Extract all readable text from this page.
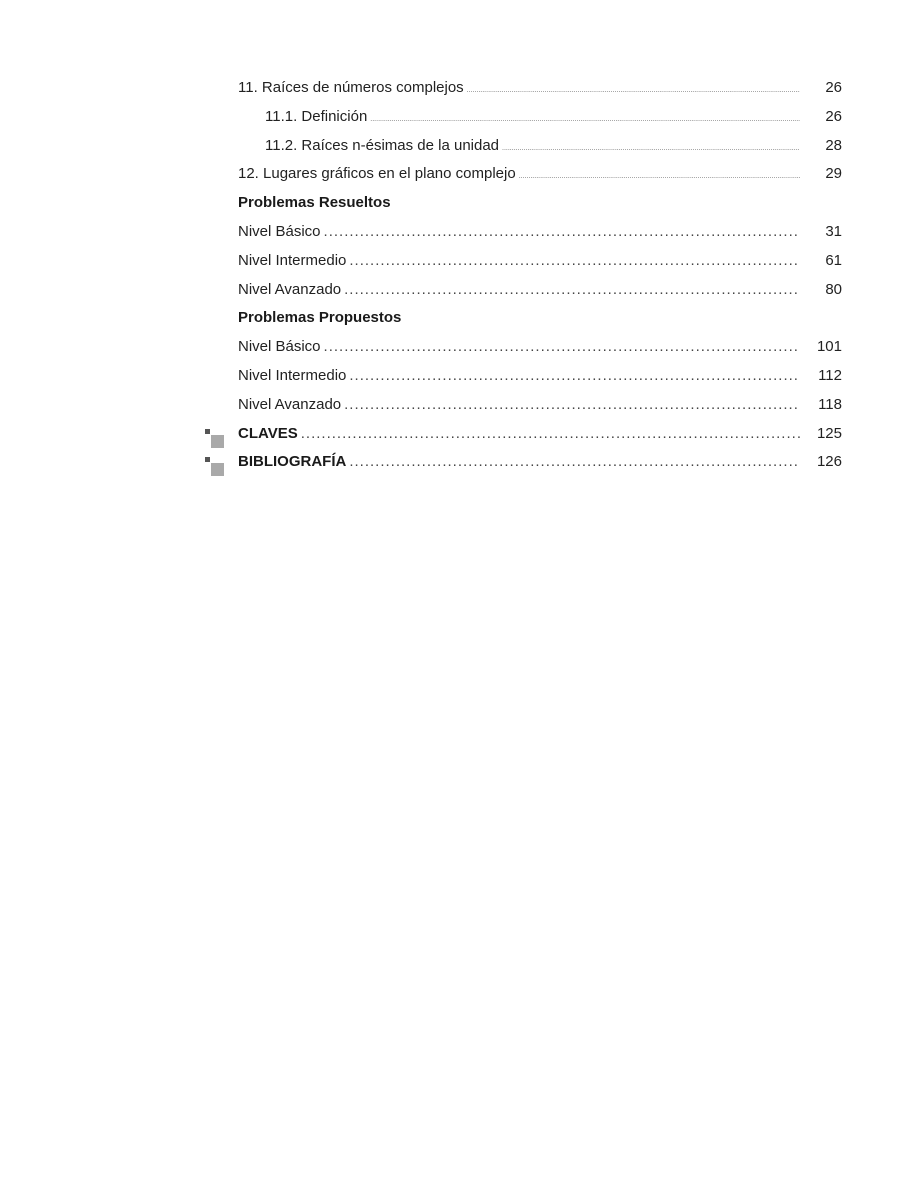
11. Raíces de números complejos .....	26
11.1. Definición .....	26
11.2. Raíces n-ésimas de la unidad .....	28
12. Lugares gráficos en el plano complejo .....	29
Problemas Resueltos
Nivel Básico .....	31
Nivel Intermedio .....	61
Nivel Avanzado .....	80
Problemas Propuestos
Nivel Básico .....	101
Nivel Intermedio .....	112
Nivel Avanzado .....	118
CLAVES .....	125
BIBLIOGRAFÍA .....	126
